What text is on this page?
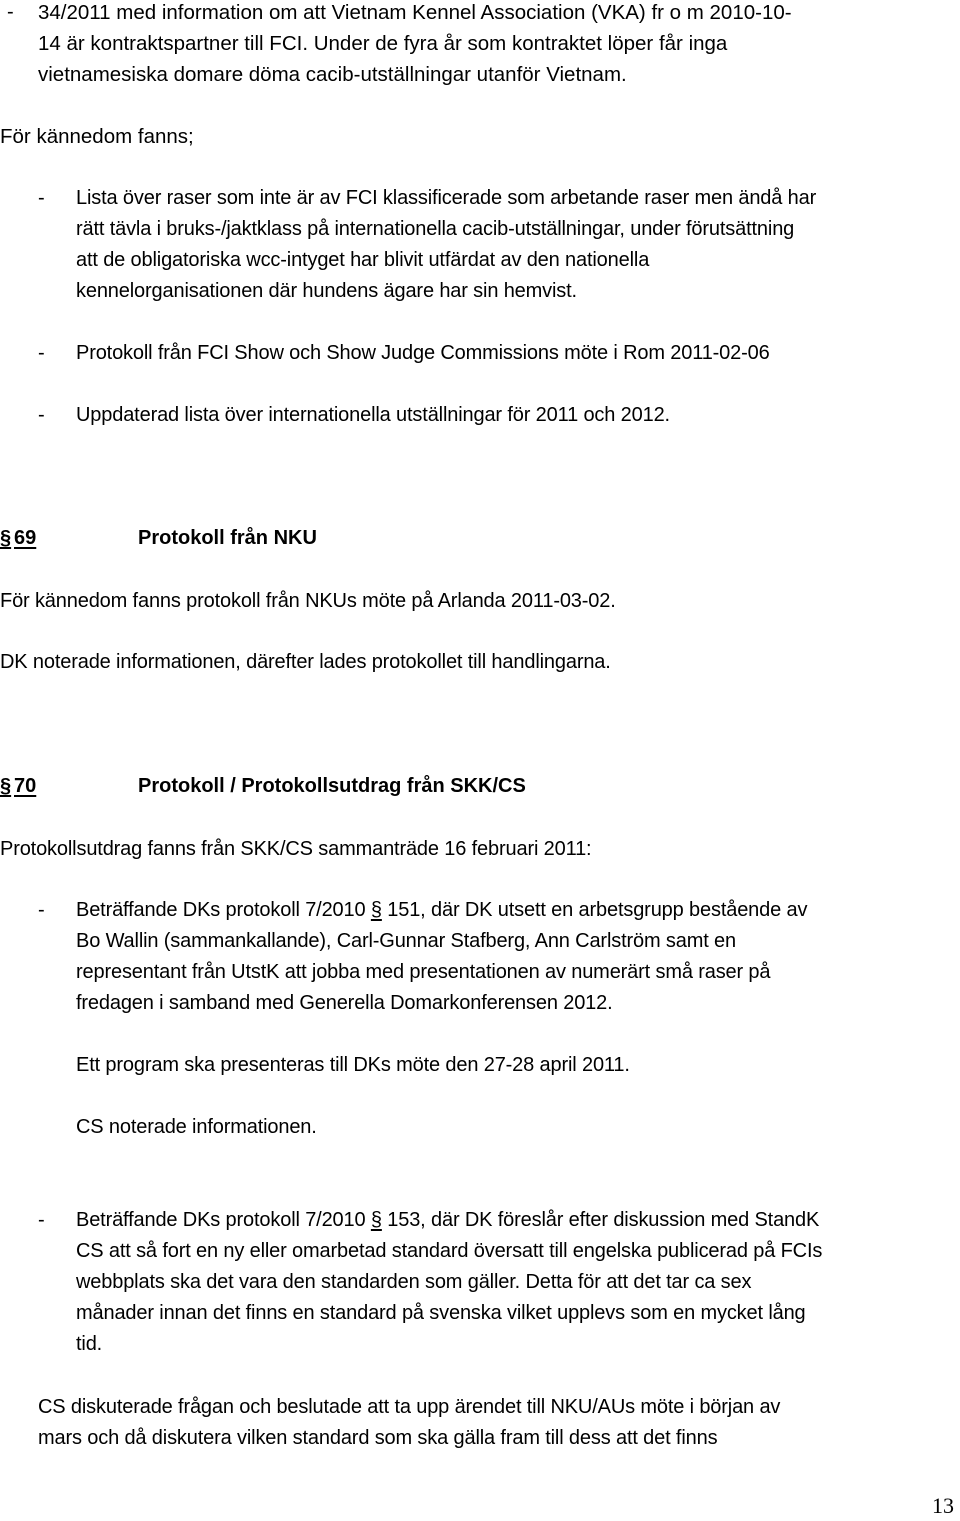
- 34/2011 med information om att Vietnam Kennel Association (VKA) fr o m 2010-10-
14 är kontraktspartner till FCI. Under de fyra år som kontraktet löper får inga
vietnamesiska domare döma cacib-utställningar utanför Vietnam.
För kännedom fanns;
- Lista över raser som inte är av FCI klassificerade som arbetande raser men ändå har
rätt tävla i bruks-/jaktklass på internationella cacib-utställningar, under förutsättning
att de obligatoriska wcc-intyget har blivit utfärdat av den nationella
kennelorganisationen där hundens ägare har sin hemvist.
- Protokoll från FCI Show och Show Judge Commissions möte i Rom 2011-02-06
- Uppdaterad lista över internationella utställningar för 2011 och 2012.
§ 69	Protokoll från NKU
För kännedom fanns protokoll från NKUs möte på Arlanda 2011-03-02.
DK noterade informationen, därefter lades protokollet till handlingarna.
§ 70	Protokoll / Protokollsutdrag från SKK/CS
Protokollsutdrag fanns från SKK/CS sammanträde 16 februari 2011:
- Beträffande DKs protokoll 7/2010 § 151, där DK utsett en arbetsgrupp bestående av
Bo Wallin (sammankallande), Carl-Gunnar Stafberg, Ann Carlström samt en
representant från UtstK att jobba med presentationen av numerärt små raser på
fredagen i samband med Generella Domarkonferensen 2012.
Ett program ska presenteras till DKs möte den 27-28 april 2011.
CS noterade informationen.
- Beträffande DKs protokoll 7/2010 § 153, där DK föreslår efter diskussion med StandK
CS att så fort en ny eller omarbetad standard översatt till engelska publicerad på FCIs
webbplats ska det vara den standarden som gäller. Detta för att det tar ca sex
månader innan det finns en standard på svenska vilket upplevs som en mycket lång
tid.
CS diskuterade frågan och beslutade att ta upp ärendet till NKU/AUs möte i början av
mars och då diskutera vilken standard som ska gälla fram till dess att det finns
13
